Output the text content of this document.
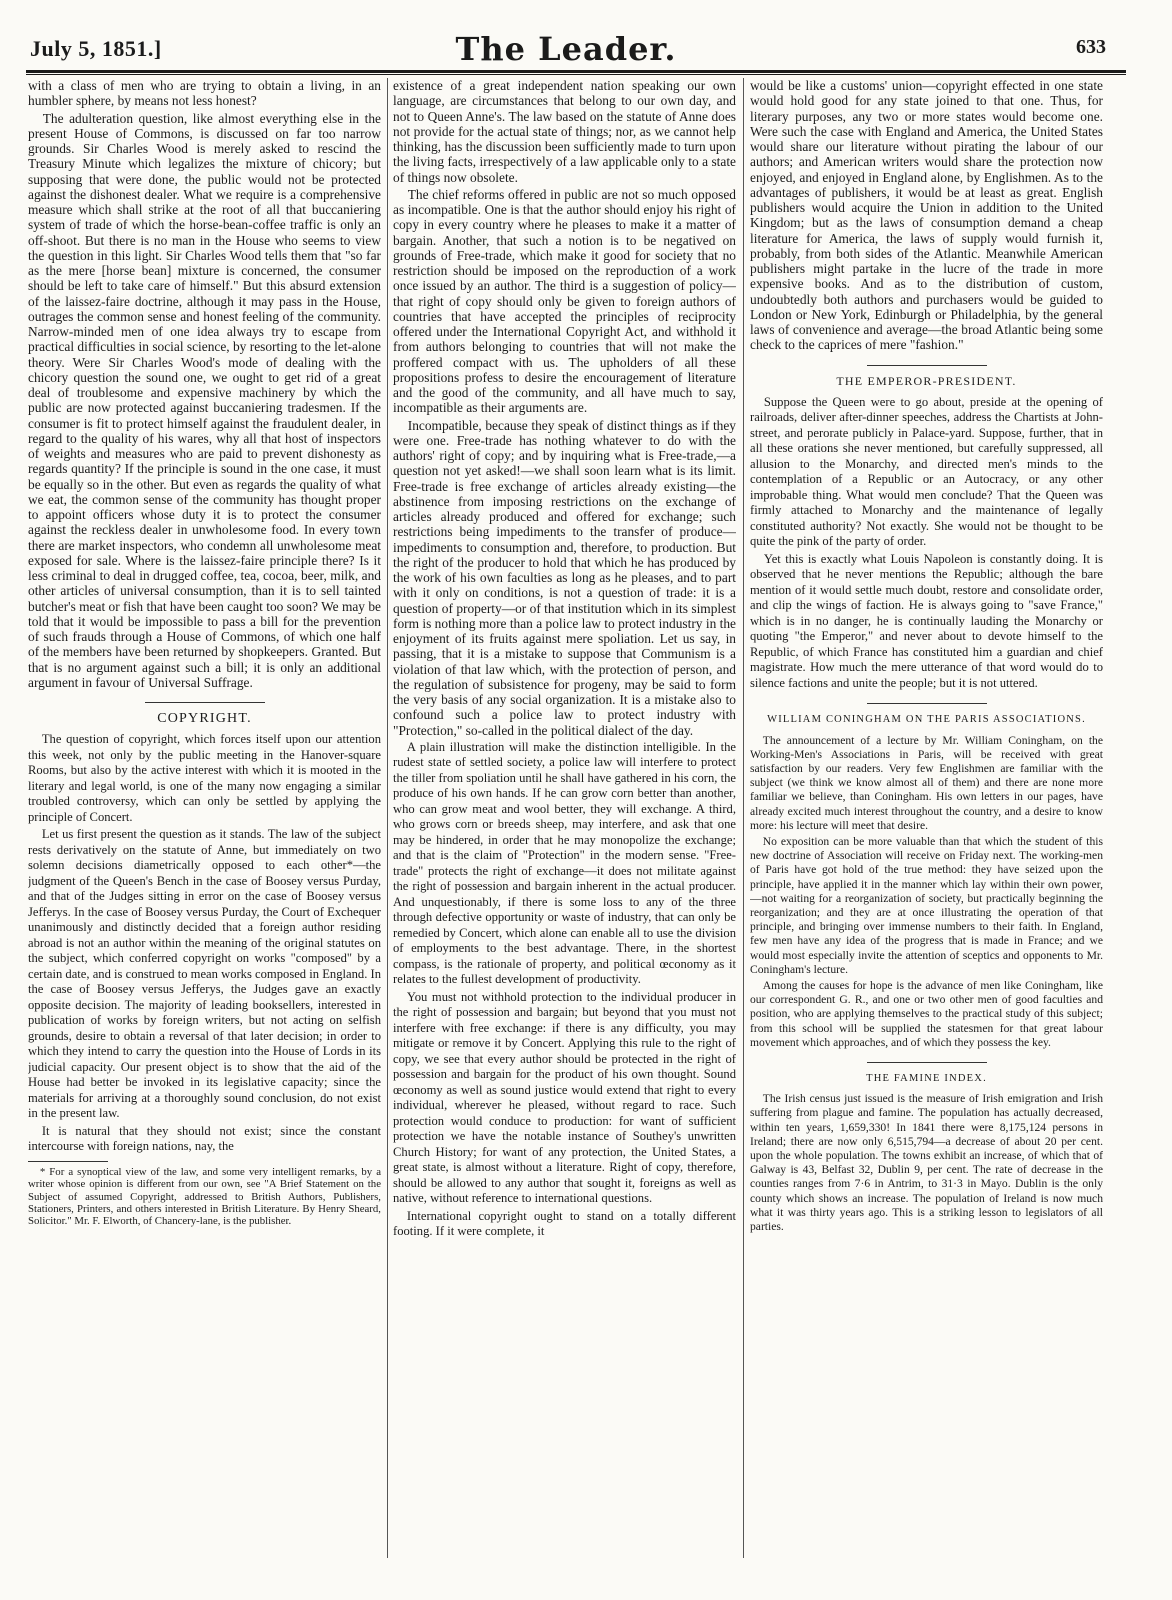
July 5, 1851.]	The Leader.	633

with a class of men who are trying to obtain a living, in an humbler sphere, by means not less honest?

The adulteration question, like almost everything else in the present House of Commons, is discussed on far too narrow grounds. Sir Charles Wood is merely asked to rescind the Treasury Minute which legalizes the mixture of chicory; but supposing that were done, the public would not be protected against the dishonest dealer. What we require is a comprehensive measure which shall strike at the root of all that buccaniering system of trade of which the horse-bean-coffee traffic is only an off-shoot. But there is no man in the House who seems to view the question in this light. Sir Charles Wood tells them that "so far as the mere [horse bean] mixture is concerned, the consumer should be left to take care of himself." But this absurd extension of the laissez-faire doctrine, although it may pass in the House, outrages the common sense and honest feeling of the community. Narrow-minded men of one idea always try to escape from practical difficulties in social science, by resorting to the let-alone theory. Were Sir Charles Wood's mode of dealing with the chicory question the sound one, we ought to get rid of a great deal of troublesome and expensive machinery by which the public are now protected against buccaniering tradesmen. If the consumer is fit to protect himself against the fraudulent dealer, in regard to the quality of his wares, why all that host of inspectors of weights and measures who are paid to prevent dishonesty as regards quantity? If the principle is sound in the one case, it must be equally so in the other. But even as regards the quality of what we eat, the common sense of the community has thought proper to appoint officers whose duty it is to protect the consumer against the reckless dealer in unwholesome food. In every town there are market inspectors, who condemn all unwholesome meat exposed for sale. Where is the laissez-faire principle there? Is it less criminal to deal in drugged coffee, tea, cocoa, beer, milk, and other articles of universal consumption, than it is to sell tainted butcher's meat or fish that have been caught too soon? We may be told that it would be impossible to pass a bill for the prevention of such frauds through a House of Commons, of which one half of the members have been returned by shopkeepers. Granted. But that is no argument against such a bill; it is only an additional argument in favour of Universal Suffrage.

COPYRIGHT.

The question of copyright, which forces itself upon our attention this week, not only by the public meeting in the Hanover-square Rooms, but also by the active interest with which it is mooted in the literary and legal world, is one of the many now engaging a similar troubled controversy, which can only be settled by applying the principle of Concert.

Let us first present the question as it stands. The law of the subject rests derivatively on the statute of Anne, but immediately on two solemn decisions diametrically opposed to each other*—the judgment of the Queen's Bench in the case of Boosey versus Purday, and that of the Judges sitting in error on the case of Boosey versus Jefferys. In the case of Boosey versus Purday, the Court of Exchequer unanimously and distinctly decided that a foreign author residing abroad is not an author within the meaning of the original statutes on the subject, which conferred copyright on works "composed" by a certain date, and is construed to mean works composed in England. In the case of Boosey versus Jefferys, the Judges gave an exactly opposite decision. The majority of leading booksellers, interested in publication of works by foreign writers, but not acting on selfish grounds, desire to obtain a reversal of that later decision; in order to which they intend to carry the question into the House of Lords in its judicial capacity. Our present object is to show that the aid of the House had better be invoked in its legislative capacity; since the materials for arriving at a thoroughly sound conclusion, do not exist in the present law.

It is natural that they should not exist; since the constant intercourse with foreign nations, nay, the

* For a synoptical view of the law, and some very intelligent remarks, by a writer whose opinion is different from our own, see "A Brief Statement on the Subject of assumed Copyright, addressed to British Authors, Publishers, Stationers, Printers, and others interested in British Literature. By Henry Sheard, Solicitor." Mr. F. Elworth, of Chancery-lane, is the publisher.

existence of a great independent nation speaking our own language, are circumstances that belong to our own day, and not to Queen Anne's. The law based on the statute of Anne does not provide for the actual state of things; nor, as we cannot help thinking, has the discussion been sufficiently made to turn upon the living facts, irrespectively of a law applicable only to a state of things now obsolete.

The chief reforms offered in public are not so much opposed as incompatible. One is that the author should enjoy his right of copy in every country where he pleases to make it a matter of bargain. Another, that such a notion is to be negatived on grounds of Free-trade, which make it good for society that no restriction should be imposed on the reproduction of a work once issued by an author. The third is a suggestion of policy—that right of copy should only be given to foreign authors of countries that have accepted the principles of reciprocity offered under the International Copyright Act, and withhold it from authors belonging to countries that will not make the proffered compact with us. The upholders of all these propositions profess to desire the encouragement of literature and the good of the community, and all have much to say, incompatible as their arguments are.

Incompatible, because they speak of distinct things as if they were one. Free-trade has nothing whatever to do with the authors' right of copy; and by inquiring what is Free-trade,—a question not yet asked!—we shall soon learn what is its limit. Free-trade is free exchange of articles already existing—the abstinence from imposing restrictions on the exchange of articles already produced and offered for exchange; such restrictions being impediments to the transfer of produce—impediments to consumption and, therefore, to production. But the right of the producer to hold that which he has produced by the work of his own faculties as long as he pleases, and to part with it only on conditions, is not a question of trade: it is a question of property—or of that institution which in its simplest form is nothing more than a police law to protect industry in the enjoyment of its fruits against mere spoliation. Let us say, in passing, that it is a mistake to suppose that Communism is a violation of that law which, with the protection of person, and the regulation of subsistence for progeny, may be said to form the very basis of any social organization. It is a mistake also to confound such a police law to protect industry with "Protection," so-called in the political dialect of the day.

A plain illustration will make the distinction intelligible. In the rudest state of settled society, a police law will interfere to protect the tiller from spoliation until he shall have gathered in his corn, the produce of his own hands. If he can grow corn better than another, who can grow meat and wool better, they will exchange. A third, who grows corn or breeds sheep, may interfere, and ask that one may be hindered, in order that he may monopolize the exchange; and that is the claim of "Protection" in the modern sense. "Free-trade" protects the right of exchange—it does not militate against the right of possession and bargain inherent in the actual producer. And unquestionably, if there is some loss to any of the three through defective opportunity or waste of industry, that can only be remedied by Concert, which alone can enable all to use the division of employments to the best advantage. There, in the shortest compass, is the rationale of property, and political œconomy as it relates to the fullest development of productivity.

You must not withhold protection to the individual producer in the right of possession and bargain; but beyond that you must not interfere with free exchange: if there is any difficulty, you may mitigate or remove it by Concert. Applying this rule to the right of copy, we see that every author should be protected in the right of possession and bargain for the product of his own thought. Sound œconomy as well as sound justice would extend that right to every individual, wherever he pleased, without regard to race. Such protection would conduce to production: for want of sufficient protection we have the notable instance of Southey's unwritten Church History; for want of any protection, the United States, a great state, is almost without a literature. Right of copy, therefore, should be allowed to any author that sought it, foreigns as well as native, without reference to international questions.

International copyright ought to stand on a totally different footing. If it were complete, it

would be like a customs' union—copyright effected in one state would hold good for any state joined to that one. Thus, for literary purposes, any two or more states would become one. Were such the case with England and America, the United States would share our literature without pirating the labour of our authors; and American writers would share the protection now enjoyed, and enjoyed in England alone, by Englishmen. As to the advantages of publishers, it would be at least as great. English publishers would acquire the Union in addition to the United Kingdom; but as the laws of consumption demand a cheap literature for America, the laws of supply would furnish it, probably, from both sides of the Atlantic. Meanwhile American publishers might partake in the lucre of the trade in more expensive books. And as to the distribution of custom, undoubtedly both authors and purchasers would be guided to London or New York, Edinburgh or Philadelphia, by the general laws of convenience and average—the broad Atlantic being some check to the caprices of mere "fashion."

THE EMPEROR-PRESIDENT.

Suppose the Queen were to go about, preside at the opening of railroads, deliver after-dinner speeches, address the Chartists at John-street, and perorate publicly in Palace-yard. Suppose, further, that in all these orations she never mentioned, but carefully suppressed, all allusion to the Monarchy, and directed men's minds to the contemplation of a Republic or an Autocracy, or any other improbable thing. What would men conclude? That the Queen was firmly attached to Monarchy and the maintenance of legally constituted authority? Not exactly. She would not be thought to be quite the pink of the party of order.

Yet this is exactly what Louis Napoleon is constantly doing. It is observed that he never mentions the Republic; although the bare mention of it would settle much doubt, restore and consolidate order, and clip the wings of faction. He is always going to "save France," which is in no danger, he is continually lauding the Monarchy or quoting "the Emperor," and never about to devote himself to the Republic, of which France has constituted him a guardian and chief magistrate. How much the mere utterance of that word would do to silence factions and unite the people; but it is not uttered.

WILLIAM CONINGHAM ON THE PARIS ASSOCIATIONS.

The announcement of a lecture by Mr. William Coningham, on the Working-Men's Associations in Paris, will be received with great satisfaction by our readers. Very few Englishmen are familiar with the subject (we think we know almost all of them) and there are none more familiar we believe, than Coningham. His own letters in our pages, have already excited much interest throughout the country, and a desire to know more: his lecture will meet that desire.

No exposition can be more valuable than that which the student of this new doctrine of Association will receive on Friday next. The working-men of Paris have got hold of the true method: they have seized upon the principle, have applied it in the manner which lay within their own power,—not waiting for a reorganization of society, but practically beginning the reorganization; and they are at once illustrating the operation of that principle, and bringing over immense numbers to their faith. In England, few men have any idea of the progress that is made in France; and we would most especially invite the attention of sceptics and opponents to Mr. Coningham's lecture.

Among the causes for hope is the advance of men like Coningham, like our correspondent G. R., and one or two other men of good faculties and position, who are applying themselves to the practical study of this subject; from this school will be supplied the statesmen for that great labour movement which approaches, and of which they possess the key.

THE FAMINE INDEX.

The Irish census just issued is the measure of Irish emigration and Irish suffering from plague and famine. The population has actually decreased, within ten years, 1,659,330! In 1841 there were 8,175,124 persons in Ireland; there are now only 6,515,794—a decrease of about 20 per cent. upon the whole population. The towns exhibit an increase, of which that of Galway is 43, Belfast 32, Dublin 9, per cent. The rate of decrease in the counties ranges from 7·6 in Antrim, to 31·3 in Mayo. Dublin is the only county which shows an increase. The population of Ireland is now much what it was thirty years ago. This is a striking lesson to legislators of all parties.
